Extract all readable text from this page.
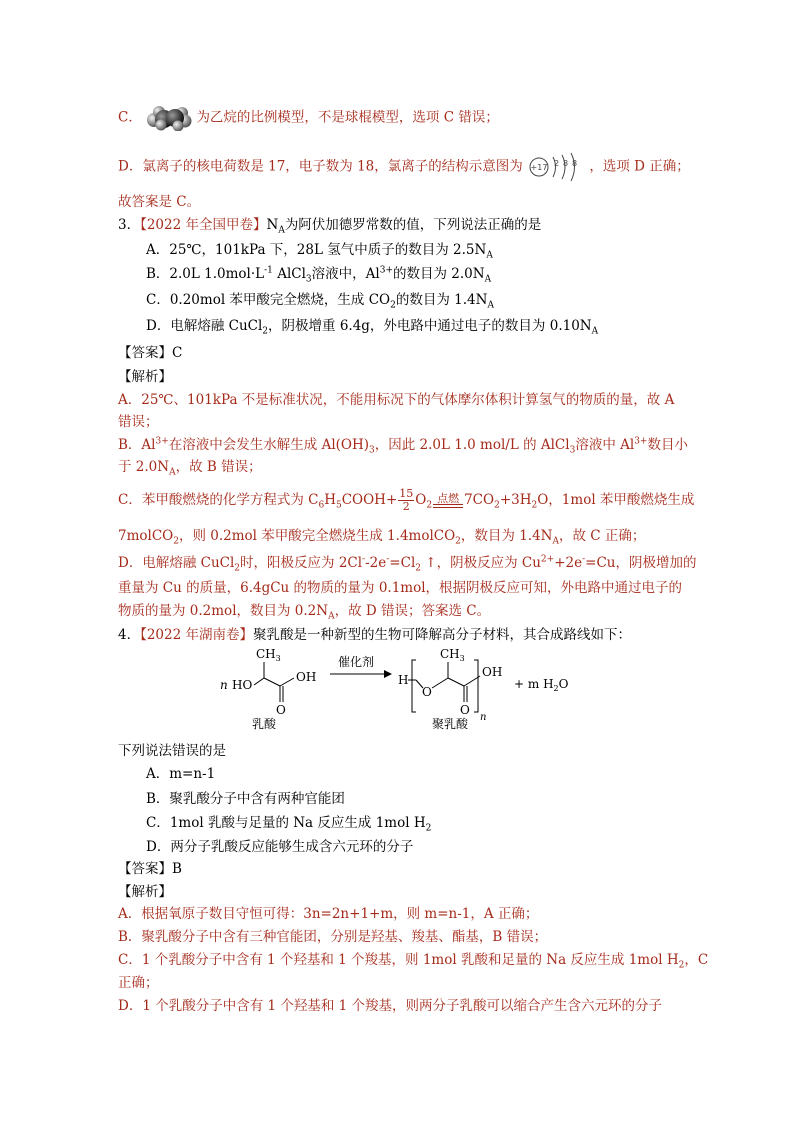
C．	为乙烷的比例模型，不是球棍模型，选项 C 错误；
D．氯离子的核电荷数是 17，电子数为 18，氯离子的结构示意图为 +17 2 8 8 ，选项 D 正确；
故答案是 C。
3．【2022 年全国甲卷】$N_A$为阿伏加德罗常数的值，下列说法正确的是
A．25℃，101kPa 下，28L 氢气中质子的数目为 $2.5N_A$
B．2.0L $1.0mol\cdot L^{-1}$ AlCl$_3$溶液中，$Al^{3+}$的数目为 $2.0N_A$
C．0.20mol 苯甲酸完全燃烧，生成 $CO_2$的数目为 $1.4N_A$
D．电解熔融 CuCl$_2$，阴极增重 6.4g，外电路中通过电子的数目为 $0.10N_A$
【答案】C
【解析】
A．25℃、101kPa 不是标准状况，不能用标况下的气体摩尔体积计算氢气的物质的量，故 A
错误；
B．$Al^{3+}$在溶液中会发生水解生成 $Al(OH)_3$，因此 2.0L 1.0 mol/L 的 AlCl$_3$溶液中 $Al^{3+}$数目小
于 $2.0N_A$，故 B 错误；
C．苯甲酸燃烧的化学方程式为 $C_6H_5COOH+ \frac{15}{2} O_2$
点燃 $7CO_2+3H_2O$，1mol 苯甲酸燃烧生成
7molCO$_2$，则 0.2mol 苯甲酸完全燃烧生成 1.4molCO$_2$，数目为 $1.4N_A$，故 C 正确；
D．电解熔融 CuCl$_2$时，阳极反应为 $2Cl^--2e^-=Cl_2$ ↑，阴极反应为 $Cu^{2+}+2e^-=Cu$，阴极增加的
重量为 Cu 的质量，6.4gCu 的物质的量为 0.1mol，根据阴极反应可知，外电路中通过电子的
物质的量为 0.2mol，数目为 $0.2N_A$，故 D 错误；答案选 C。
4．【2022 年湖南卷】聚乳酸是一种新型的生物可降解高分子材料，其合成路线如下：
n HO
$CH_3$
O
OH
乳酸
催化剂
H
O
$CH_3$
O
OH
n
+ m $H_2O$
聚乳酸
下列说法错误的是
A．m=n-1
B．聚乳酸分子中含有两种官能团
C．1mol 乳酸与足量的 Na 反应生成 1mol $H_2$
D．两分子乳酸反应能够生成含六元环的分子
【答案】B
【解析】
A．根据氧原子数目守恒可得：3n=2n+1+m，则 m=n-1，A 正确；
B．聚乳酸分子中含有三种官能团，分别是羟基、羧基、酯基，B 错误；
C．1 个乳酸分子中含有 1 个羟基和 1 个羧基，则 1mol 乳酸和足量的 Na 反应生成 1mol $H_2$，C
正确；
D．1 个乳酸分子中含有 1 个羟基和 1 个羧基，则两分子乳酸可以缩合产生含六元环的分子
